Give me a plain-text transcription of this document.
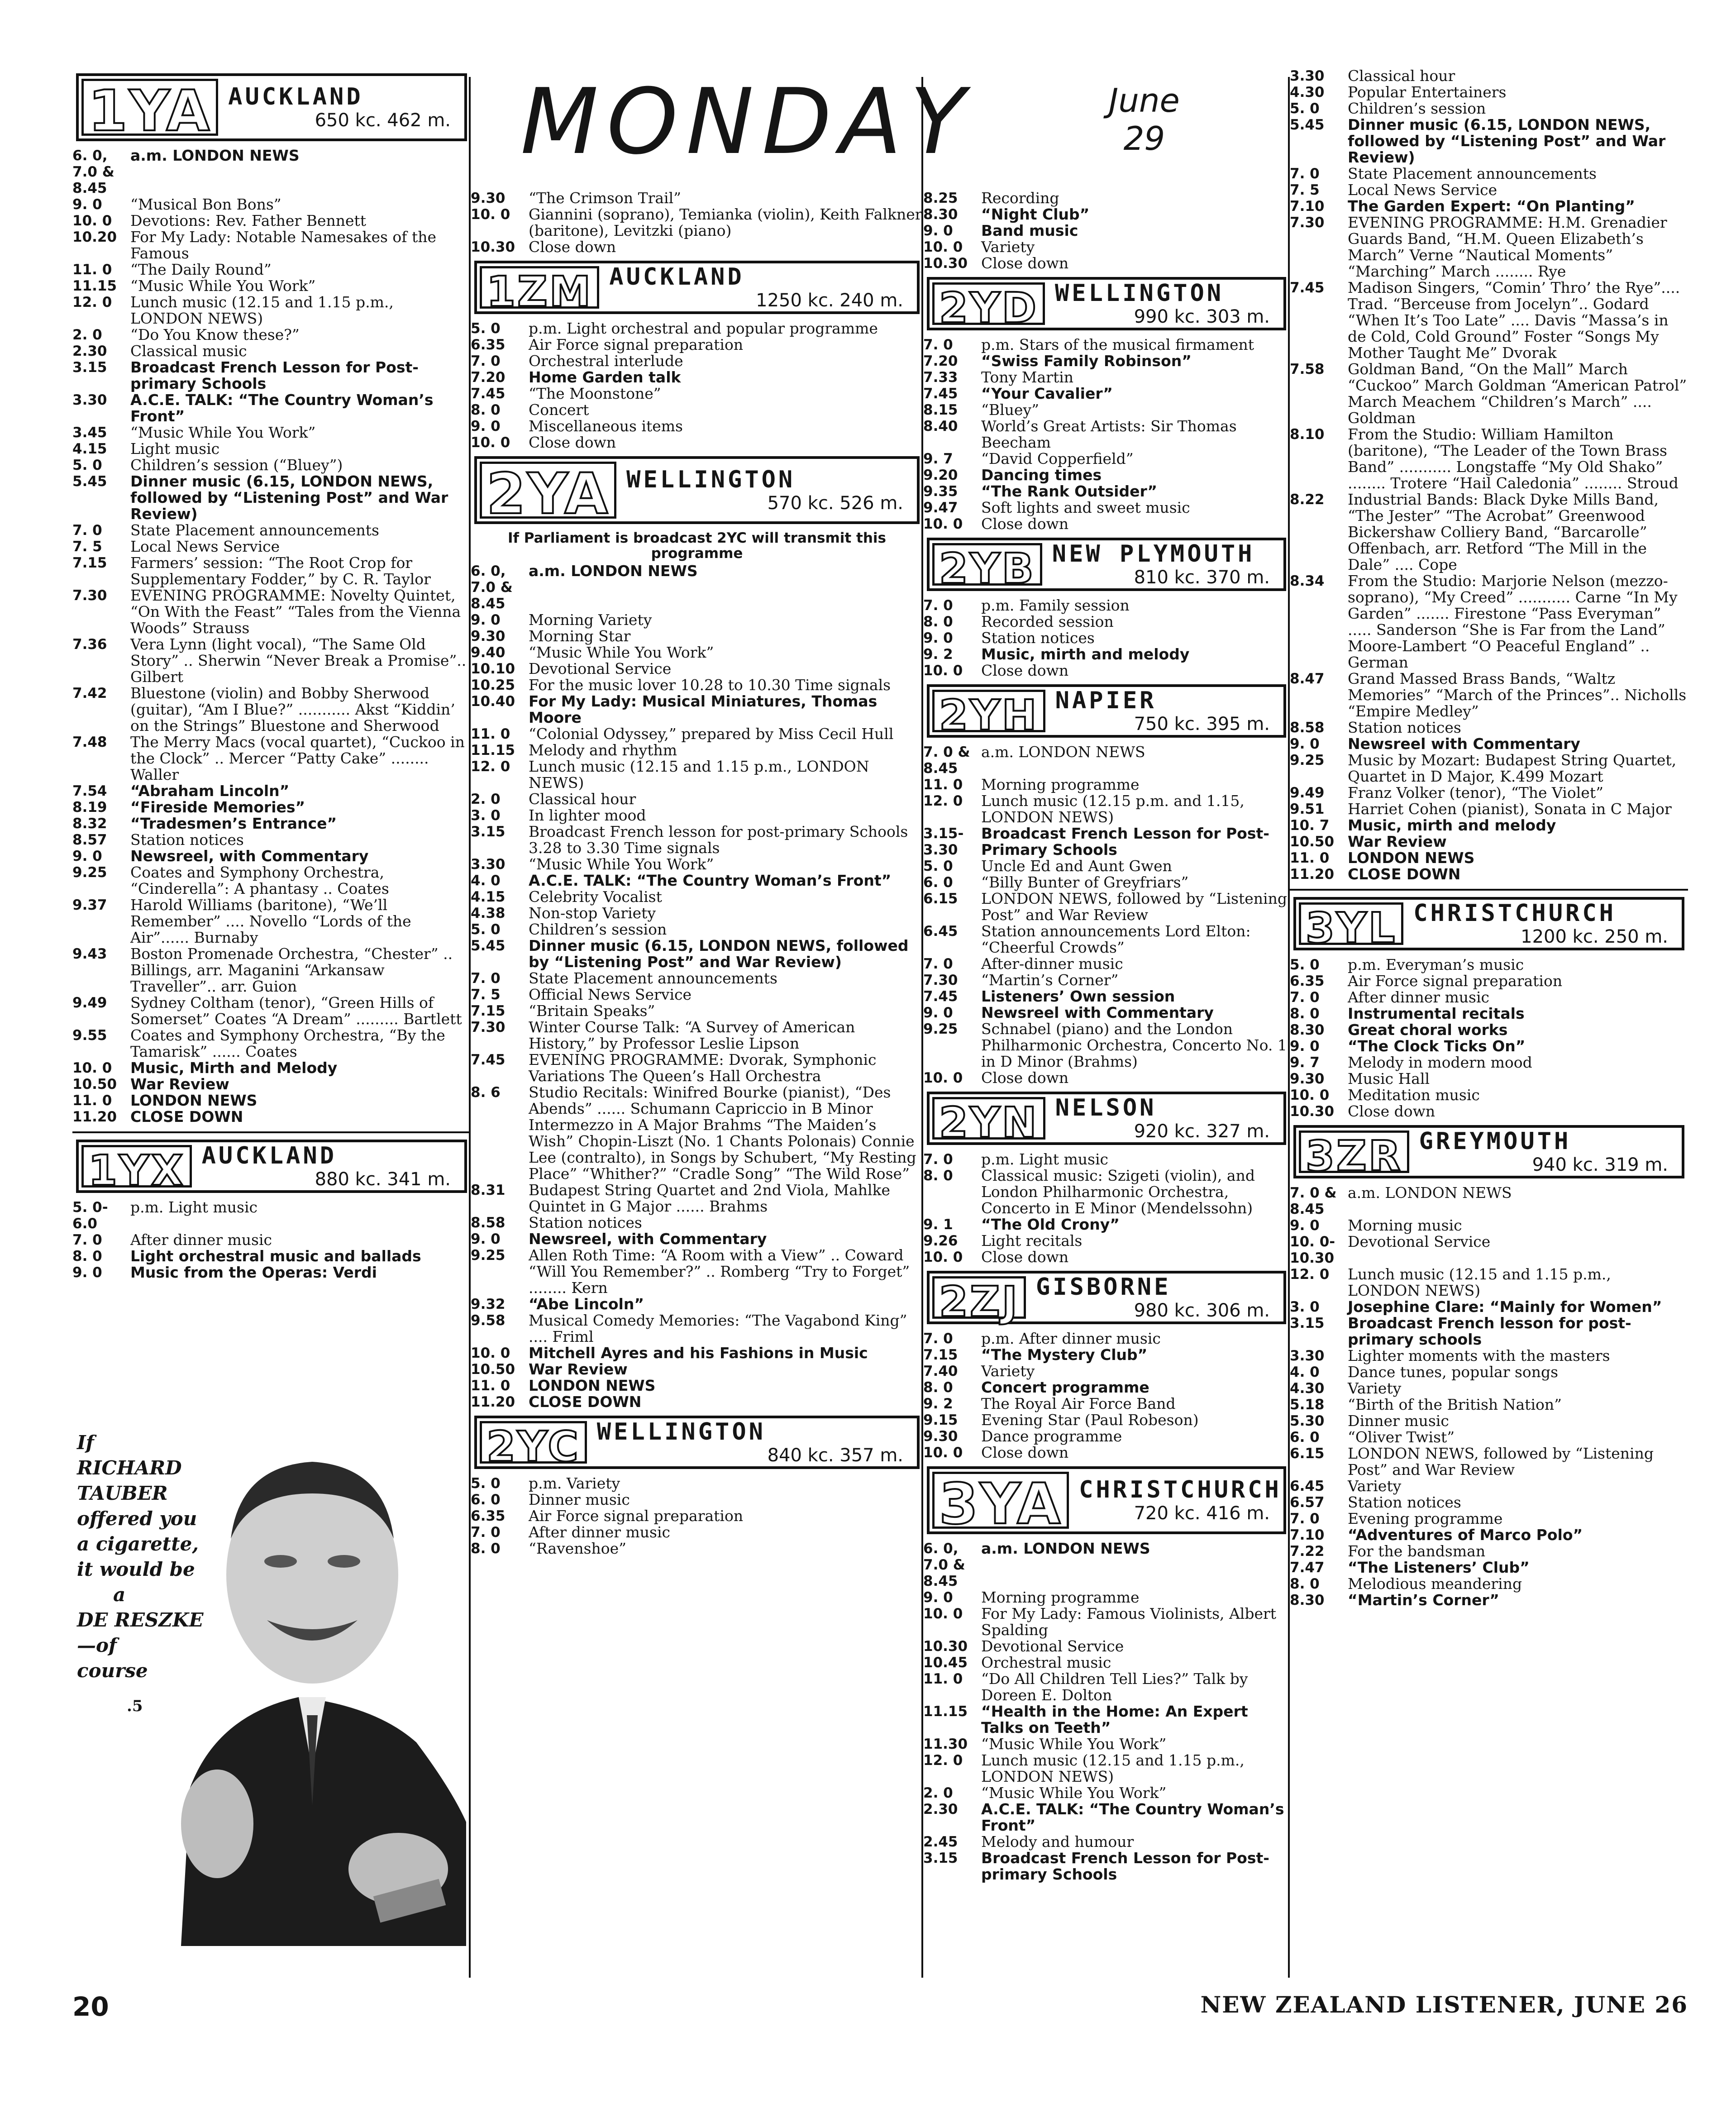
1YA AUCKLAND
650 kc. 462 m.
6. 0, 7.0 & 8.45
a.m. LONDON NEWS
9. 0	“Musical Bon Bons”
10. 0	Devotions: Rev. Father Bennett
10.20 For My Lady: Notable Namesakes of the Famous
11. 0	“The Daily Round”
11.15 “Music While You Work”
12. 0	Lunch music (12.15 and 1.15 p.m., LONDON NEWS)
2. 0	“Do You Know these?”
2.30	Classical music
3.15	Broadcast French Lesson for Post-primary Schools
3.30	A.C.E. TALK: “The Country Woman’s Front”
3.45	“Music While You Work”
4.15	Light music
5. 0	Children’s session (“Bluey”)
5.45	Dinner music (6.15, LONDON NEWS, followed by “Listening Post” and War Review)
7. 0	State Placement announcements
7. 5	Local News Service
7.15	Farmers’ session: “The Root Crop for Supplementary Fodder,” by C. R. Taylor
7.30	EVENING PROGRAMME: Novelty Quintet, “On With the Feast” “Tales from the Vienna Woods” Strauss
7.36	Vera Lynn (light vocal), “The Same Old Story” .. Sherwin “Never Break a Promise”.. Gilbert
7.42	Bluestone (violin) and Bobby Sherwood (guitar), “Am I Blue?” ........... Akst “Kiddin’ on the Strings” Bluestone and Sherwood
7.48	The Merry Macs (vocal quartet), “Cuckoo in the Clock” .. Mercer “Patty Cake” ........ Waller
7.54	“Abraham Lincoln”
8.19	“Fireside Memories”
8.32	“Tradesmen’s Entrance”
8.57	Station notices
9. 0	Newsreel, with Commentary
9.25	Coates and Symphony Orchestra, “Cinderella”: A phantasy .. Coates
9.37	Harold Williams (baritone), “We’ll Remember” .... Novello “Lords of the Air”...... Burnaby
9.43	Boston Promenade Orchestra, “Chester” .. Billings, arr. Maganini “Arkansaw Traveller”.. arr. Guion
9.49	Sydney Coltham (tenor), “Green Hills of Somerset” Coates “A Dream” ......... Bartlett
9.55	Coates and Symphony Orchestra, “By the Tamarisk” ...... Coates
10. 0	Music, Mirth and Melody
10.50 War Review
11. 0	LONDON NEWS
11.20 CLOSE DOWN
1YX AUCKLAND
880 kc. 341 m.
5. 0-6.0
p.m. Light music
7. 0	After dinner music
8. 0	Light orchestral music and ballads
9. 0	Music from the Operas: Verdi
9.30	“The Crimson Trail”
10. 0	Giannini (soprano), Temianka (violin), Keith Falkner (baritone), Levitzki (piano)
10.30 Close down
1ZM AUCKLAND
1250 kc. 240 m.
5. 0	p.m. Light orchestral and popular programme
6.35	Air Force signal preparation
7. 0	Orchestral interlude
7.20	Home Garden talk
7.45	“The Moonstone”
8. 0	Concert
9. 0	Miscellaneous items
10. 0	Close down
2YA WELLINGTON
570 kc. 526 m.
If Parliament is broadcast 2YC will transmit this programme
6. 0, 7.0 & 8.45
a.m. LONDON NEWS
9. 0	Morning Variety
9.30	Morning Star
9.40	“Music While You Work”
10.10 Devotional Service
10.25 For the music lover 10.28 to 10.30 Time signals
10.40 For My Lady: Musical Miniatures, Thomas Moore
11. 0	“Colonial Odyssey,” prepared by Miss Cecil Hull
11.15 Melody and rhythm
12. 0	Lunch music (12.15 and 1.15 p.m., LONDON NEWS)
2. 0	Classical hour
3. 0	In lighter mood
3.15	Broadcast French lesson for post-primary Schools 3.28 to 3.30 Time signals
3.30	“Music While You Work”
4. 0	A.C.E. TALK: “The Country Woman’s Front”
4.15	Celebrity Vocalist
4.38	Non-stop Variety
5. 0	Children’s session
5.45	Dinner music (6.15, LONDON NEWS, followed by “Listening Post” and War Review)
7. 0	State Placement announcements
7. 5	Official News Service
7.15	“Britain Speaks”
7.30	Winter Course Talk: “A Survey of American History,” by Professor Leslie Lipson
7.45	EVENING PROGRAMME: Dvorak, Symphonic Variations The Queen’s Hall Orchestra
8. 6	Studio Recitals: Winifred Bourke (pianist), “Des Abends” ...... Schumann Capriccio in B Minor Intermezzo in A Major Brahms “The Maiden’s Wish” Chopin-Liszt (No. 1 Chants Polonais) Connie Lee (contralto), in Songs by Schubert, “My Resting Place” “Whither?” “Cradle Song” “The Wild Rose”
8.31	Budapest String Quartet and 2nd Viola, Mahlke Quintet in G Major ...... Brahms
8.58	Station notices
9. 0	Newsreel, with Commentary
9.25	Allen Roth Time: “A Room with a View” .. Coward “Will You Remember?” .. Romberg “Try to Forget” ........ Kern
9.32	“Abe Lincoln”
9.58	Musical Comedy Memories: “The Vagabond King” .... Friml
10. 0	Mitchell Ayres and his Fashions in Music
10.50 War Review
11. 0	LONDON NEWS
11.20 CLOSE DOWN
2YC WELLINGTON
840 kc. 357 m.
5. 0	p.m. Variety
6. 0	Dinner music
6.35	Air Force signal preparation
7. 0	After dinner music
8. 0	“Ravenshoe”
8.25	Recording
8.30	“Night Club”
9. 0	Band music
10. 0	Variety
10.30 Close down
2YD WELLINGTON
990 kc. 303 m.
7. 0	p.m. Stars of the musical firmament
7.20	“Swiss Family Robinson”
7.33	Tony Martin
7.45	“Your Cavalier”
8.15	“Bluey”
8.40	World’s Great Artists: Sir Thomas Beecham
9. 7	“David Copperfield”
9.20	Dancing times
9.35	“The Rank Outsider”
9.47	Soft lights and sweet music
10. 0	Close down
2YB NEW PLYMOUTH
810 kc. 370 m.
7. 0	p.m. Family session
8. 0	Recorded session
9. 0	Station notices
9. 2	Music, mirth and melody
10. 0	Close down
2YH NAPIER
750 kc. 395 m.
7. 0 & 8.45
a.m. LONDON NEWS
11. 0	Morning programme
12. 0	Lunch music (12.15 p.m. and 1.15, LONDON NEWS)
3.15-3.30
Broadcast French Lesson for Post-Primary Schools
5. 0	Uncle Ed and Aunt Gwen
6. 0	“Billy Bunter of Greyfriars”
6.15	LONDON NEWS, followed by “Listening Post” and War Review
6.45	Station announcements Lord Elton: “Cheerful Crowds”
7. 0	After-dinner music
7.30	“Martin’s Corner”
7.45	Listeners’ Own session
9. 0	Newsreel with Commentary
9.25	Schnabel (piano) and the London Philharmonic Orchestra, Concerto No. 1 in D Minor (Brahms)
10. 0	Close down
2YN NELSON
920 kc. 327 m.
7. 0	p.m. Light music
8. 0	Classical music: Szigeti (violin), and London Philharmonic Orchestra, Concerto in E Minor (Mendelssohn)
9. 1	“The Old Crony”
9.26	Light recitals
10. 0	Close down
2ZJ GISBORNE
980 kc. 306 m.
7. 0	p.m. After dinner music
7.15	“The Mystery Club”
7.40	Variety
8. 0	Concert programme
9. 2	The Royal Air Force Band
9.15	Evening Star (Paul Robeson)
9.30	Dance programme
10. 0	Close down
3YA CHRISTCHURCH
720 kc. 416 m.
6. 0, 7.0 & 8.45
a.m. LONDON NEWS
9. 0	Morning programme
10. 0	For My Lady: Famous Violinists, Albert Spalding
10.30 Devotional Service
10.45 Orchestral music
11. 0	“Do All Children Tell Lies?” Talk by Doreen E. Dolton
11.15 “Health in the Home: An Expert Talks on Teeth”
11.30 “Music While You Work”
12. 0	Lunch music (12.15 and 1.15 p.m., LONDON NEWS)
2. 0	“Music While You Work”
2.30	A.C.E. TALK: “The Country Woman’s Front”
2.45	Melody and humour
3.15	Broadcast French Lesson for Post-primary Schools
3.30	Classical hour
4.30	Popular Entertainers
5. 0	Children’s session
5.45	Dinner music (6.15, LONDON NEWS, followed by “Listening Post” and War Review)
7. 0	State Placement announcements
7. 5	Local News Service
7.10	The Garden Expert: “On Planting”
7.30	EVENING PROGRAMME: H.M. Grenadier Guards Band, “H.M. Queen Elizabeth’s March” Verne “Nautical Moments” “Marching” March ........ Rye
7.45	Madison Singers, “Comin’ Thro’ the Rye”.... Trad. “Berceuse from Jocelyn”.. Godard “When It’s Too Late” .... Davis “Massa’s in de Cold, Cold Ground” Foster “Songs My Mother Taught Me” Dvorak
7.58	Goldman Band, “On the Mall” March “Cuckoo” March Goldman “American Patrol” March Meachem “Children’s March” .... Goldman
8.10	From the Studio: William Hamilton (baritone), “The Leader of the Town Brass Band” ........... Longstaffe “My Old Shako” ........ Trotere “Hail Caledonia” ........ Stroud
8.22	Industrial Bands: Black Dyke Mills Band, “The Jester” “The Acrobat” Greenwood Bickershaw Colliery Band, “Barcarolle” Offenbach, arr. Retford “The Mill in the Dale” .... Cope
8.34	From the Studio: Marjorie Nelson (mezzo-soprano), “My Creed” ........... Carne “In My Garden” ....... Firestone “Pass Everyman” ..... Sanderson “She is Far from the Land” Moore-Lambert “O Peaceful England” .. German
8.47	Grand Massed Brass Bands, “Waltz Memories” “March of the Princes”.. Nicholls “Empire Medley”
8.58	Station notices
9. 0	Newsreel with Commentary
9.25	Music by Mozart: Budapest String Quartet, Quartet in D Major, K.499 Mozart
9.49	Franz Volker (tenor), “The Violet”
9.51	Harriet Cohen (pianist), Sonata in C Major
10. 7	Music, mirth and melody
10.50 War Review
11. 0	LONDON NEWS
11.20 CLOSE DOWN
3YL CHRISTCHURCH
1200 kc. 250 m.
5. 0	p.m. Everyman’s music
6.35	Air Force signal preparation
7. 0	After dinner music
8. 0	Instrumental recitals
8.30	Great choral works
9. 0	“The Clock Ticks On”
9. 7	Melody in modern mood
9.30	Music Hall
10. 0	Meditation music
10.30 Close down
3ZR GREYMOUTH
940 kc. 319 m.
7. 0 & 8.45
a.m. LONDON NEWS
9. 0	Morning music
10. 0-10.30
Devotional Service
12. 0	Lunch music (12.15 and 1.15 p.m., LONDON NEWS)
3. 0	Josephine Clare: “Mainly for Women”
3.15	Broadcast French lesson for post-primary schools
3.30	Lighter moments with the masters
4. 0	Dance tunes, popular songs
4.30	Variety
5.18	“Birth of the British Nation”
5.30	Dinner music
6. 0	“Oliver Twist”
6.15	LONDON NEWS, followed by “Listening Post” and War Review
6.45	Variety
6.57	Station notices
7. 0	Evening programme
7.10	“Adventures of Marco Polo”
7.22	For the bandsman
7.47	“The Listeners’ Club”
8. 0	Melodious meandering
8.30	“Martin’s Corner”
MONDAY	June
29
If
RICHARD
TAUBER
offered you
a cigarette,
it would be
a
DE RESZKE
—of
course
.5
20	NEW ZEALAND LISTENER, JUNE 26
